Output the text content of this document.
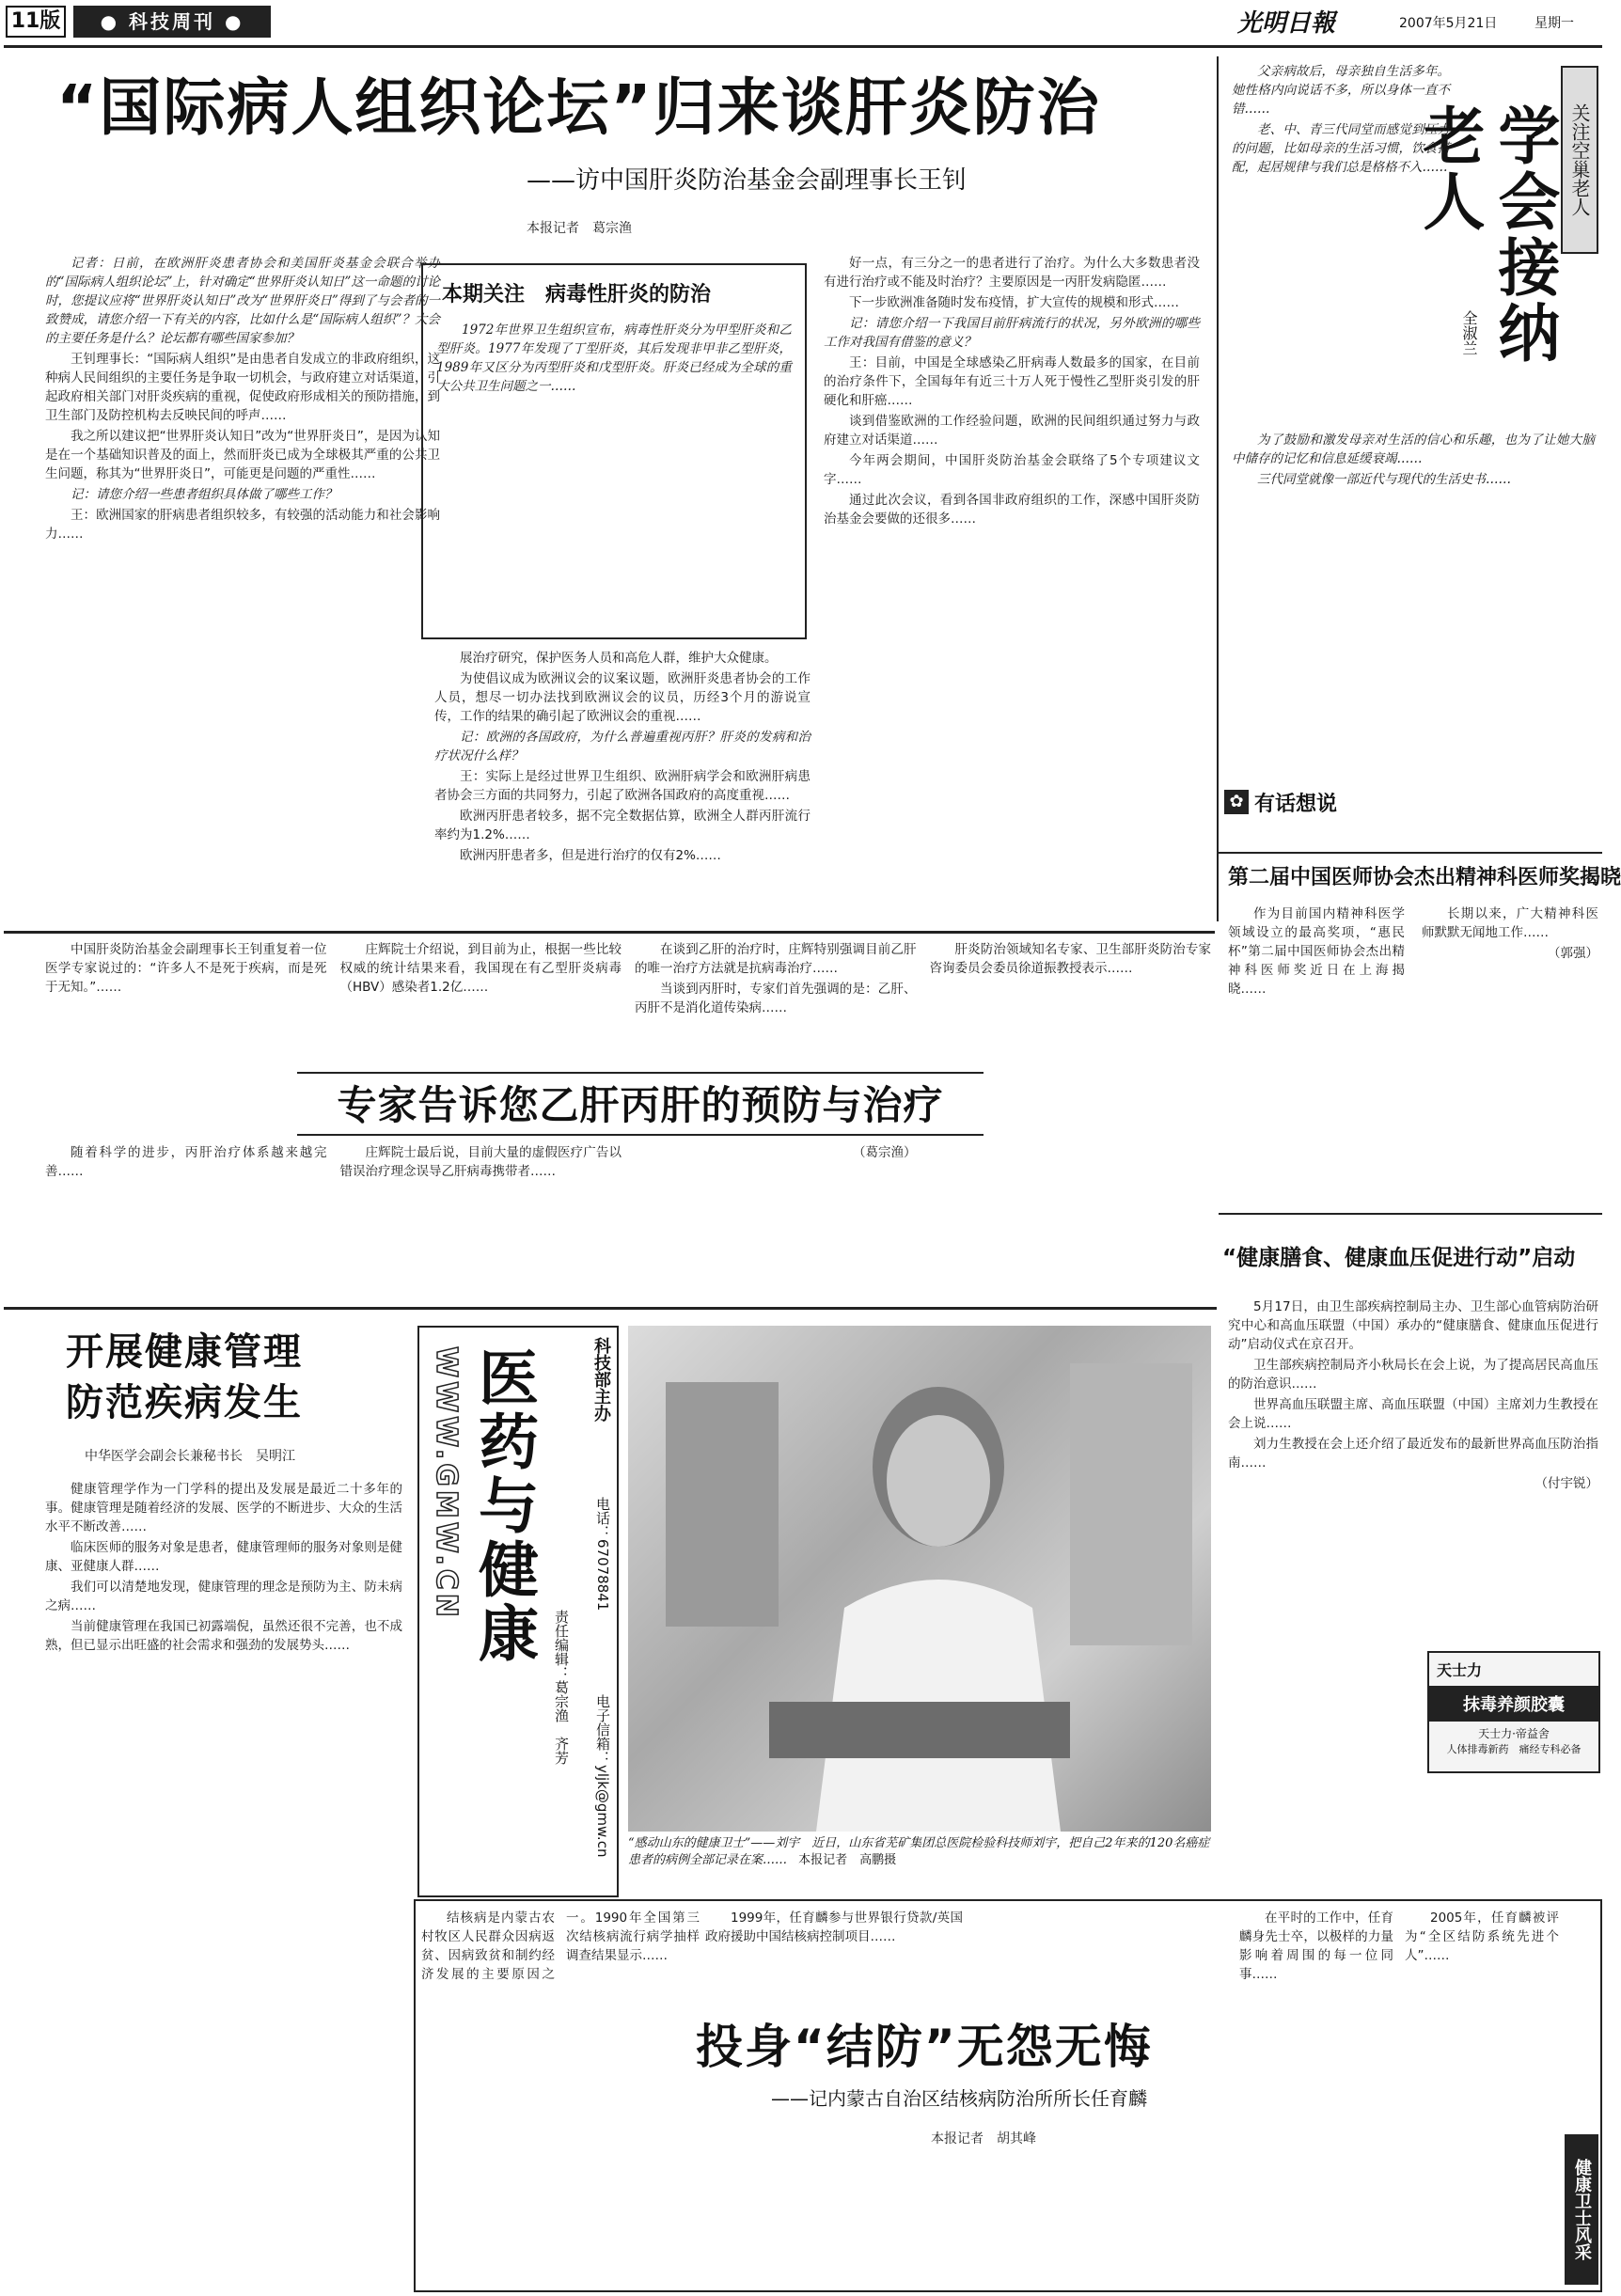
11版	● 科技周刊 ●	光明日報	2007年5月21日	星期一
“国际病人组织论坛”归来谈肝炎防治
——访中国肝炎防治基金会副理事长王钊
本报记者　葛宗渔

记者：日前，在欧洲肝炎患者协会和美国肝炎基金会联合举办的“国际病人组织论坛”上，针对确定“世界肝炎认知日”这一命题的讨论时，您提议应将“世界肝炎认知日”改为“世界肝炎日”得到了与会者的一致赞成，请您介绍一下有关的内容，比如什么是“国际病人组织”？大会的主要任务是什么？论坛都有哪些国家参加？

王钊理事长：“国际病人组织”是由患者自发成立的非政府组织，这种病人民间组织的主要任务是争取一切机会，与政府建立对话渠道，引起政府相关部门对肝炎疾病的重视，促使政府形成相关的预防措施，到卫生部门及防控机构去反映民间的呼声……

我之所以建议把“世界肝炎认知日”改为“世界肝炎日”，是因为认知是在一个基础知识普及的面上，然而肝炎已成为全球极其严重的公共卫生问题，称其为“世界肝炎日”，可能更是问题的严重性……

记：请您介绍一些患者组织具体做了哪些工作？

王：欧洲国家的肝病患者组织较多，有较强的活动能力和社会影响力……

本期关注　病毒性肝炎的防治

1972年世界卫生组织宣布，病毒性肝炎分为甲型肝炎和乙型肝炎。1977年发现了丁型肝炎，其后发现非甲非乙型肝炎，1989年又区分为丙型肝炎和戊型肝炎。肝炎已经成为全球的重大公共卫生问题之一……

展治疗研究，保护医务人员和高危人群，维护大众健康。

为使倡议成为欧洲议会的议案议题，欧洲肝炎患者协会的工作人员，想尽一切办法找到欧洲议会的议员，历经3个月的游说宣传，工作的结果的确引起了欧洲议会的重视……

记：欧洲的各国政府，为什么普遍重视丙肝？肝炎的发病和治疗状况什么样？

王：实际上是经过世界卫生组织、欧洲肝病学会和欧洲肝病患者协会三方面的共同努力，引起了欧洲各国政府的高度重视……

欧洲丙肝患者较多，据不完全数据估算，欧洲全人群丙肝流行率约为1.2%……

欧洲丙肝患者多，但是进行治疗的仅有2%……

好一点，有三分之一的患者进行了治疗。为什么大多数患者没有进行治疗或不能及时治疗？主要原因是一丙肝发病隐匿……

下一步欧洲准备随时发布疫情，扩大宣传的规模和形式……

记：请您介绍一下我国目前肝病流行的状况，另外欧洲的哪些工作对我国有借鉴的意义？

王：目前，中国是全球感染乙肝病毒人数最多的国家，在目前的治疗条件下，全国每年有近三十万人死于慢性乙型肝炎引发的肝硬化和肝癌……

谈到借鉴欧洲的工作经验问题，欧洲的民间组织通过努力与政府建立对话渠道……

今年两会期间，中国肝炎防治基金会联络了5个专项建议文字……

通过此次会议，看到各国非政府组织的工作，深感中国肝炎防治基金会要做的还很多……

关注空巢老人
学会接纳老人
全淑兰

父亲病故后，母亲独自生活多年。她性格内向说话不多，所以身体一直不错……

老、中、青三代同堂而感觉到压力的问题，比如母亲的生活习惯，饮食搭配，起居规律与我们总是格格不入……

为了鼓励和激发母亲对生活的信心和乐趣，也为了让她大脑中储存的记忆和信息延缓衰竭……

三代同堂就像一部近代与现代的生活史书……

✿ 有话想说
第二届中国医师协会杰出精神科医师奖揭晓

作为目前国内精神科医学领域设立的最高奖项，“惠民杯”第二届中国医师协会杰出精神科医师奖近日在上海揭晓……

长期以来，广大精神科医师默默无闻地工作……

（郭强）

专家告诉您乙肝丙肝的预防与治疗

中国肝炎防治基金会副理事长王钊重复着一位医学专家说过的：“许多人不是死于疾病，而是死于无知。”……

庄辉院士介绍说，到目前为止，根据一些比较权威的统计结果来看，我国现在有乙型肝炎病毒（HBV）感染者1.2亿……

在谈到乙肝的治疗时，庄辉特别强调目前乙肝的唯一治疗方法就是抗病毒治疗……

当谈到丙肝时，专家们首先强调的是：乙肝、丙肝不是消化道传染病……

肝炎防治领域知名专家、卫生部肝炎防治专家咨询委员会委员徐道振教授表示……

随着科学的进步，丙肝治疗体系越来越完善……

庄辉院士最后说，目前大量的虚假医疗广告以错误治疗理念误导乙肝病毒携带者……

（葛宗渔）

“健康膳食、健康血压促进行动”启动

5月17日，由卫生部疾病控制局主办、卫生部心血管病防治研究中心和高血压联盟（中国）承办的“健康膳食、健康血压促进行动”启动仪式在京召开。

卫生部疾病控制局齐小秋局长在会上说，为了提高居民高血压的防治意识……

世界高血压联盟主席、高血压联盟（中国）主席刘力生教授在会上说……

刘力生教授在会上还介绍了最近发布的最新世界高血压防治指南……

（付宇锐）

天士力
抹毒养颜胶囊
天士力·帝益舍
人体排毒新药　痛经专科必备
开展健康管理
防范疾病发生
中华医学会副会长兼秘书长　吴明江

健康管理学作为一门学科的提出及发展是最近二十多年的事。健康管理是随着经济的发展、医学的不断进步、大众的生活水平不断改善……

临床医师的服务对象是患者，健康管理师的服务对象则是健康、亚健康人群……

我们可以清楚地发现，健康管理的理念是预防为主、防未病之病……

当前健康管理在我国已初露端倪，虽然还很不完善，也不成熟，但已显示出旺盛的社会需求和强劲的发展势头……

科技部主办
电话：67078841
电子信箱：yljk@gmw.cn
责任编辑：葛宗渔　齐芳
医药与健康
WWW.GMW.CN
“感动山东的健康卫士”——刘宇　近日，山东省芜矿集团总医院检验科技师刘宇，把自己2年来的120名癌症患者的病例全部记录在案…… 本报记者　高鹏摄
投身“结防”无怨无悔
——记内蒙古自治区结核病防治所所长任育麟
本报记者　胡其峰

结核病是内蒙古农村牧区人民群众因病返贫、因病致贫和制约经济发展的主要原因之一。1990年全国第三次结核病流行病学抽样调查结果显示……

1999年，任育麟参与世界银行贷款/英国政府援助中国结核病控制项目……

在平时的工作中，任育麟身先士卒，以极样的力量影响着周围的每一位同事……

2005年，任育麟被评为“全区结防系统先进个人”……

健康卫士风采
